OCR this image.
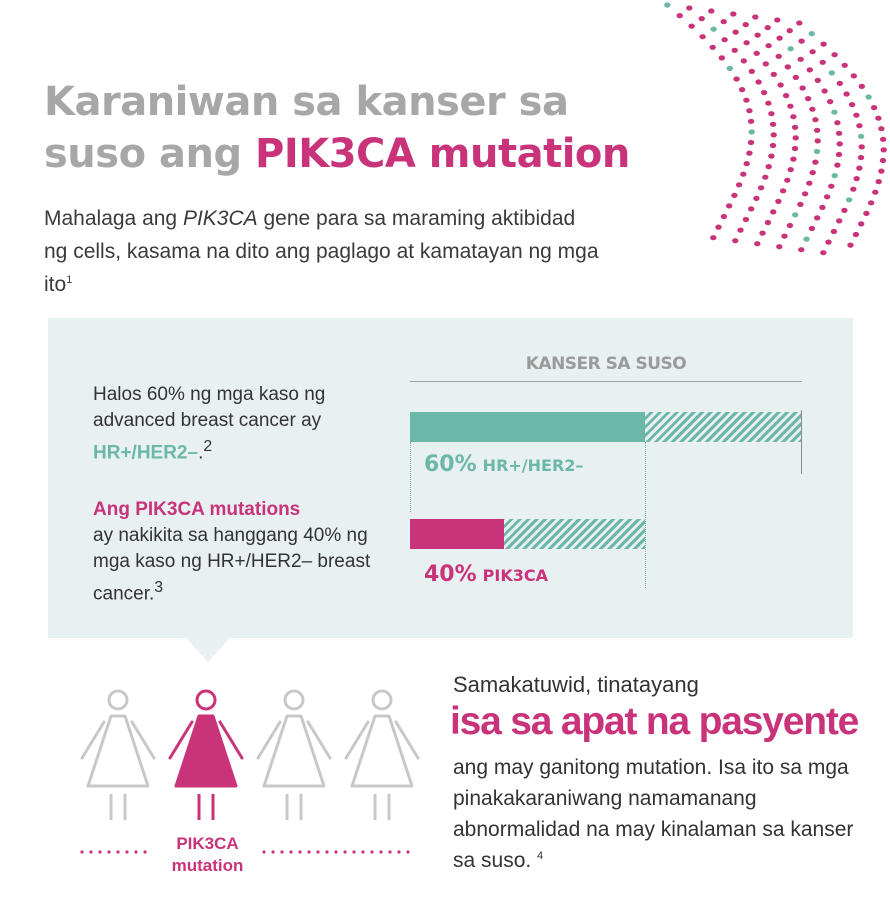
Karaniwan sa kanser sa
suso ang PIK3CA mutation

Mahalaga ang PIK3CA gene para sa maraming aktibidad ng cells, kasama na dito ang paglago at kamatayan ng mga ito$^1$

Halos 60% ng mga kaso ng advanced breast cancer ay HR+/HER2–.$^2$

Ang PIK3CA mutations
ay nakikita sa hanggang 40% ng mga kaso ng HR+/HER2– breast cancer.$^3$

KANSER SA SUSO
60% HR+/HER2–
40% PIK3CA
PIK3CA
mutation

Samakatuwid, tinatayang

isa sa apat na pasyente

ang may ganitong mutation. Isa ito sa mga pinakakaraniwang namamanang abnormalidad na may kinalaman sa kanser sa suso. $^4$
